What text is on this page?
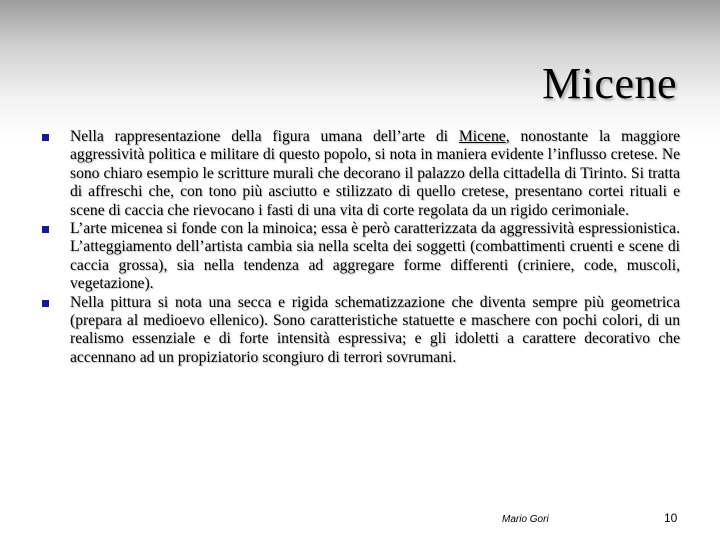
Micene
Nella rappresentazione della figura umana dell’arte di Micene, nonostante la maggiore aggressività politica e militare di questo popolo, si nota in maniera evidente l’influsso cretese. Ne sono chiaro esempio le scritture murali che decorano il palazzo della cittadella di Tirinto. Si tratta di affreschi che, con tono più asciutto e stilizzato di quello cretese, presentano cortei rituali e scene di caccia che rievocano i fasti di una vita di corte regolata da un rigido cerimoniale.
L’arte micenea si fonde con la minoica; essa è però caratterizzata da aggressività espressionistica. L’atteggiamento dell’artista cambia sia nella scelta dei soggetti (combattimenti cruenti e scene di caccia grossa), sia nella tendenza ad aggregare forme differenti (criniere, code, muscoli, vegetazione).
Nella pittura si nota una secca e rigida schematizzazione che diventa sempre più geometrica (prepara al medioevo ellenico). Sono caratteristiche statuette e maschere con pochi colori, di un realismo essenziale e di forte intensità espressiva; e gli idoletti a carattere decorativo che accennano ad un propiziatorio scongiuro di terrori sovrumani.
Mario Gori	10
